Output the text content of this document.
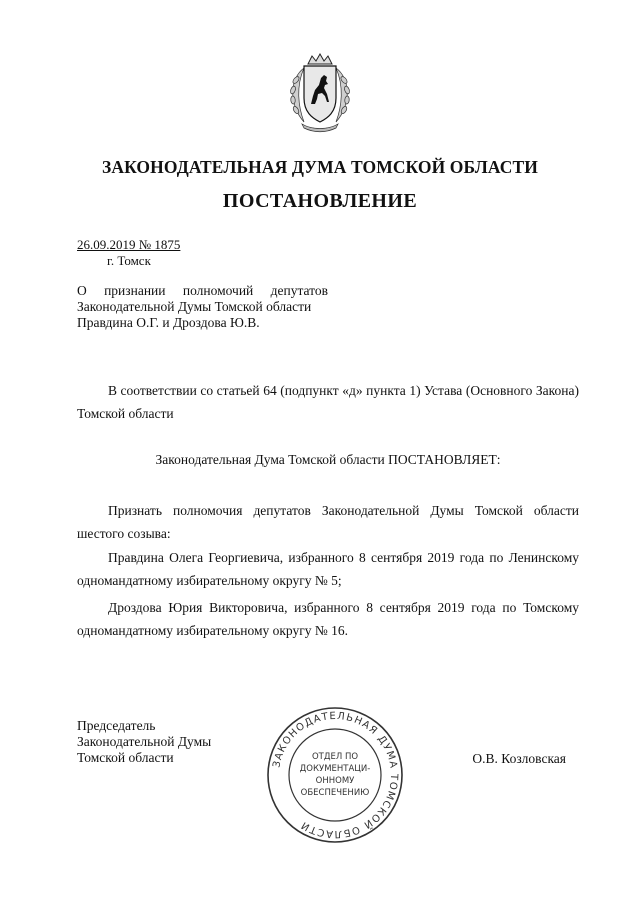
ЗАКОНОДАТЕЛЬНАЯ ДУМА ТОМСКОЙ ОБЛАСТИ
ПОСТАНОВЛЕНИЕ
26.09.2019 № 1875
г. Томск
О признании полномочий депутатов
Законодательной Думы Томской области
Правдина О.Г. и Дроздова Ю.В.
В соответствии со статьей 64 (подпункт «д» пункта 1) Устава (Основного Закона) Томской области
Законодательная Дума Томской области ПОСТАНОВЛЯЕТ:
Признать полномочия депутатов Законодательной Думы Томской области шестого созыва:
Правдина Олега Георгиевича, избранного 8 сентября 2019 года по Ленинскому одномандатному избирательному округу № 5;
Дроздова Юрия Викторовича, избранного 8 сентября 2019 года по Томскому одномандатному избирательному округу № 16.
Председатель
Законодательной Думы
Томской области	О.В. Козловская
ЗАКОНОДАТЕЛЬНАЯ ДУМА ТОМСКОЙ ОБЛАСТИ
ОТДЕЛ ПО
ДОКУМЕНТАЦИ-
ОННОМУ
ОБЕСПЕЧЕНИЮ
